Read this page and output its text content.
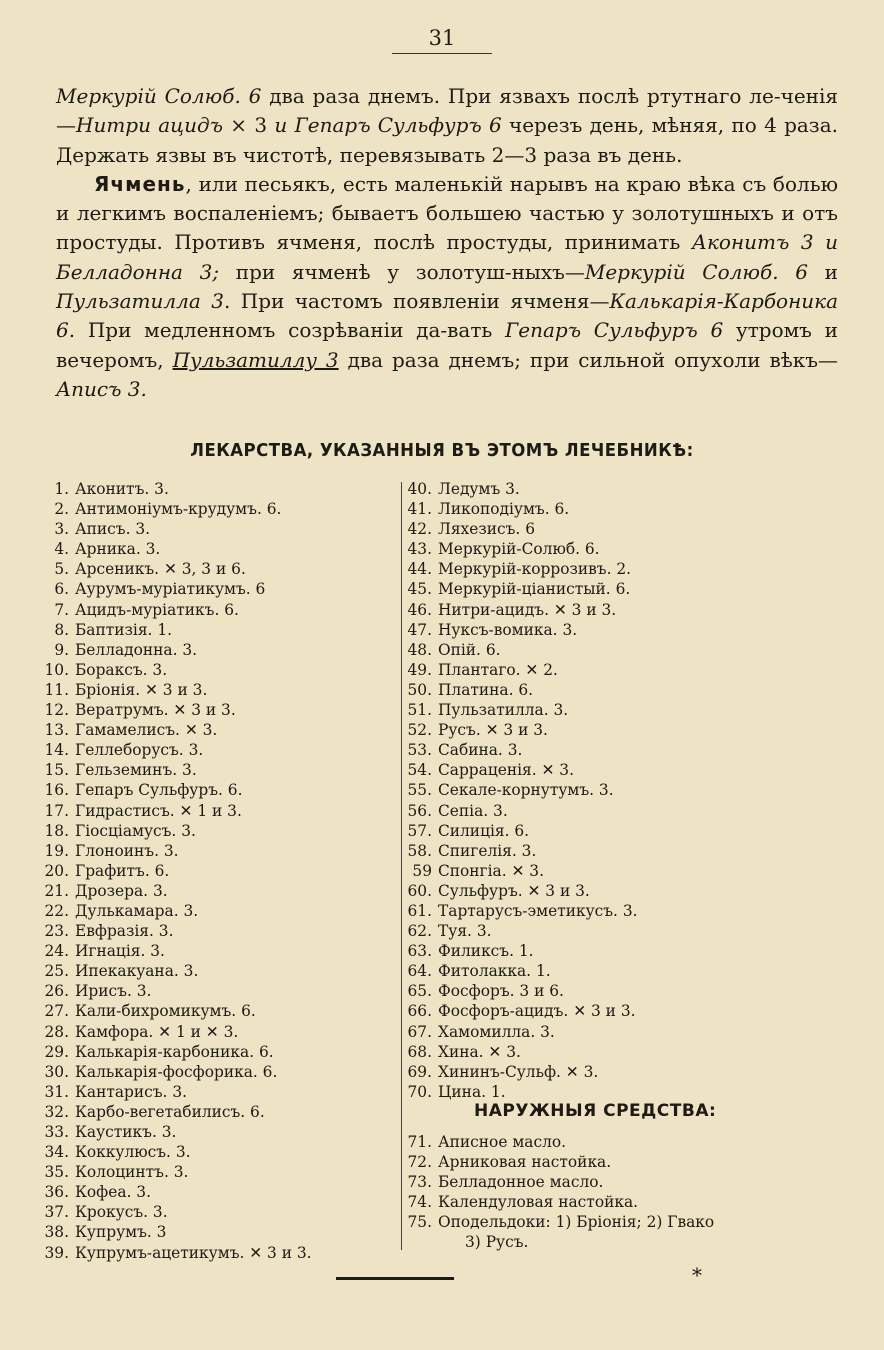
31

Меркурій Солюб. 6 два раза днемъ. При язвахъ послѣ ртутнаго ле-ченія—Нитри ацидъ × 3 и Гепаръ Сульфуръ 6 черезъ день, мѣняя, по 4 раза. Держать язвы въ чистотѣ, перевязывать 2—3 раза въ день.

Ячмень, или песьякъ, есть маленькій нарывъ на краю вѣка съ болью и легкимъ воспаленіемъ; бываетъ большею частью у золотушныхъ и отъ простуды. Противъ ячменя, послѣ простуды, принимать Аконитъ 3 и Белладонна 3; при ячменѣ у золотуш-ныхъ—Меркурій Солюб. 6 и Пульзатилла 3. При частомъ появленіи ячменя—Калькарія-Карбоника 6. При медленномъ созрѣваніи да-вать Гепаръ Сульфуръ 6 утромъ и вечеромъ, Пульзатиллу 3 два раза днемъ; при сильной опухоли вѣкъ—Аписъ 3.

ЛЕКАРСТВА, УКАЗАННЫЯ ВЪ ЭТОМЪ ЛЕЧЕБНИКѢ:
1. Аконитъ. 3.
2. Антимоніумъ-крудумъ. 6.
3. Аписъ. 3.
4. Арника. 3.
5. Арсеникъ. ✕ 3, 3 и 6.
6. Аурумъ-муріатикумъ. 6
7. Ацидъ-муріатикъ. 6.
8. Баптизія. 1.
9. Белладонна. 3.
10. Бораксъ. 3.
11. Бріонія. ✕ 3 и 3.
12. Вератрумъ. ✕ 3 и 3.
13. Гамамелисъ. ✕ 3.
14. Геллеборусъ. 3.
15. Гельземинъ. 3.
16. Гепаръ Сульфуръ. 6.
17. Гидрастисъ. ✕ 1 и 3.
18. Гіосціамусъ. 3.
19. Глоноинъ. 3.
20. Графитъ. 6.
21. Дрозера. 3.
22. Дулькамара. 3.
23. Евфразія. 3.
24. Игнація. 3.
25. Ипекакуана. 3.
26. Ирисъ. 3.
27. Кали-бихромикумъ. 6.
28. Камфора. ✕ 1 и ✕ 3.
29. Калькарія-карбоника. 6.
30. Калькарія-фосфорика. 6.
31. Кантарисъ. 3.
32. Карбо-вегетабилисъ. 6.
33. Каустикъ. 3.
34. Коккулюсъ. 3.
35. Колоцинтъ. 3.
36. Кофеа. 3.
37. Крокусъ. 3.
38. Купрумъ. 3
39. Купрумъ-ацетикумъ. ✕ 3 и 3.
40. Ледумъ 3.
41. Ликоподіумъ. 6.
42. Ляхезисъ. 6
43. Меркурій-Солюб. 6.
44. Меркурій-коррозивъ. 2.
45. Меркурій-ціанистый. 6.
46. Нитри-ацидъ. ✕ 3 и 3.
47. Нуксъ-вомика. 3.
48. Опій. 6.
49. Плантаго. ✕ 2.
50. Платина. 6.
51. Пульзатилла. 3.
52. Русъ. ✕ 3 и 3.
53. Сабина. 3.
54. Сарраценія. ✕ 3.
55. Секале-корнутумъ. 3.
56. Сепіа. 3.
57. Силиція. 6.
58. Спигелія. 3.
59 Спонгіа. ✕ 3.
60. Сульфуръ. ✕ 3 и 3.
61. Тартарусъ-эметикусъ. 3.
62. Туя. 3.
63. Филиксъ. 1.
64. Фитолакка. 1.
65. Фосфоръ. 3 и 6.
66. Фосфоръ-ацидъ. ✕ 3 и 3.
67. Хамомилла. 3.
68. Хина. ✕ 3.
69. Хининъ-Сульф. ✕ 3.
70. Цина. 1.
НАРУЖНЫЯ СРЕДСТВА:
71. Аписное масло.
72. Арниковая настойка.
73. Белладонное масло.
74. Календуловая настойка.
75. Оподельдоки: 1) Бріонія; 2) Гвако
3) Русъ.
*
